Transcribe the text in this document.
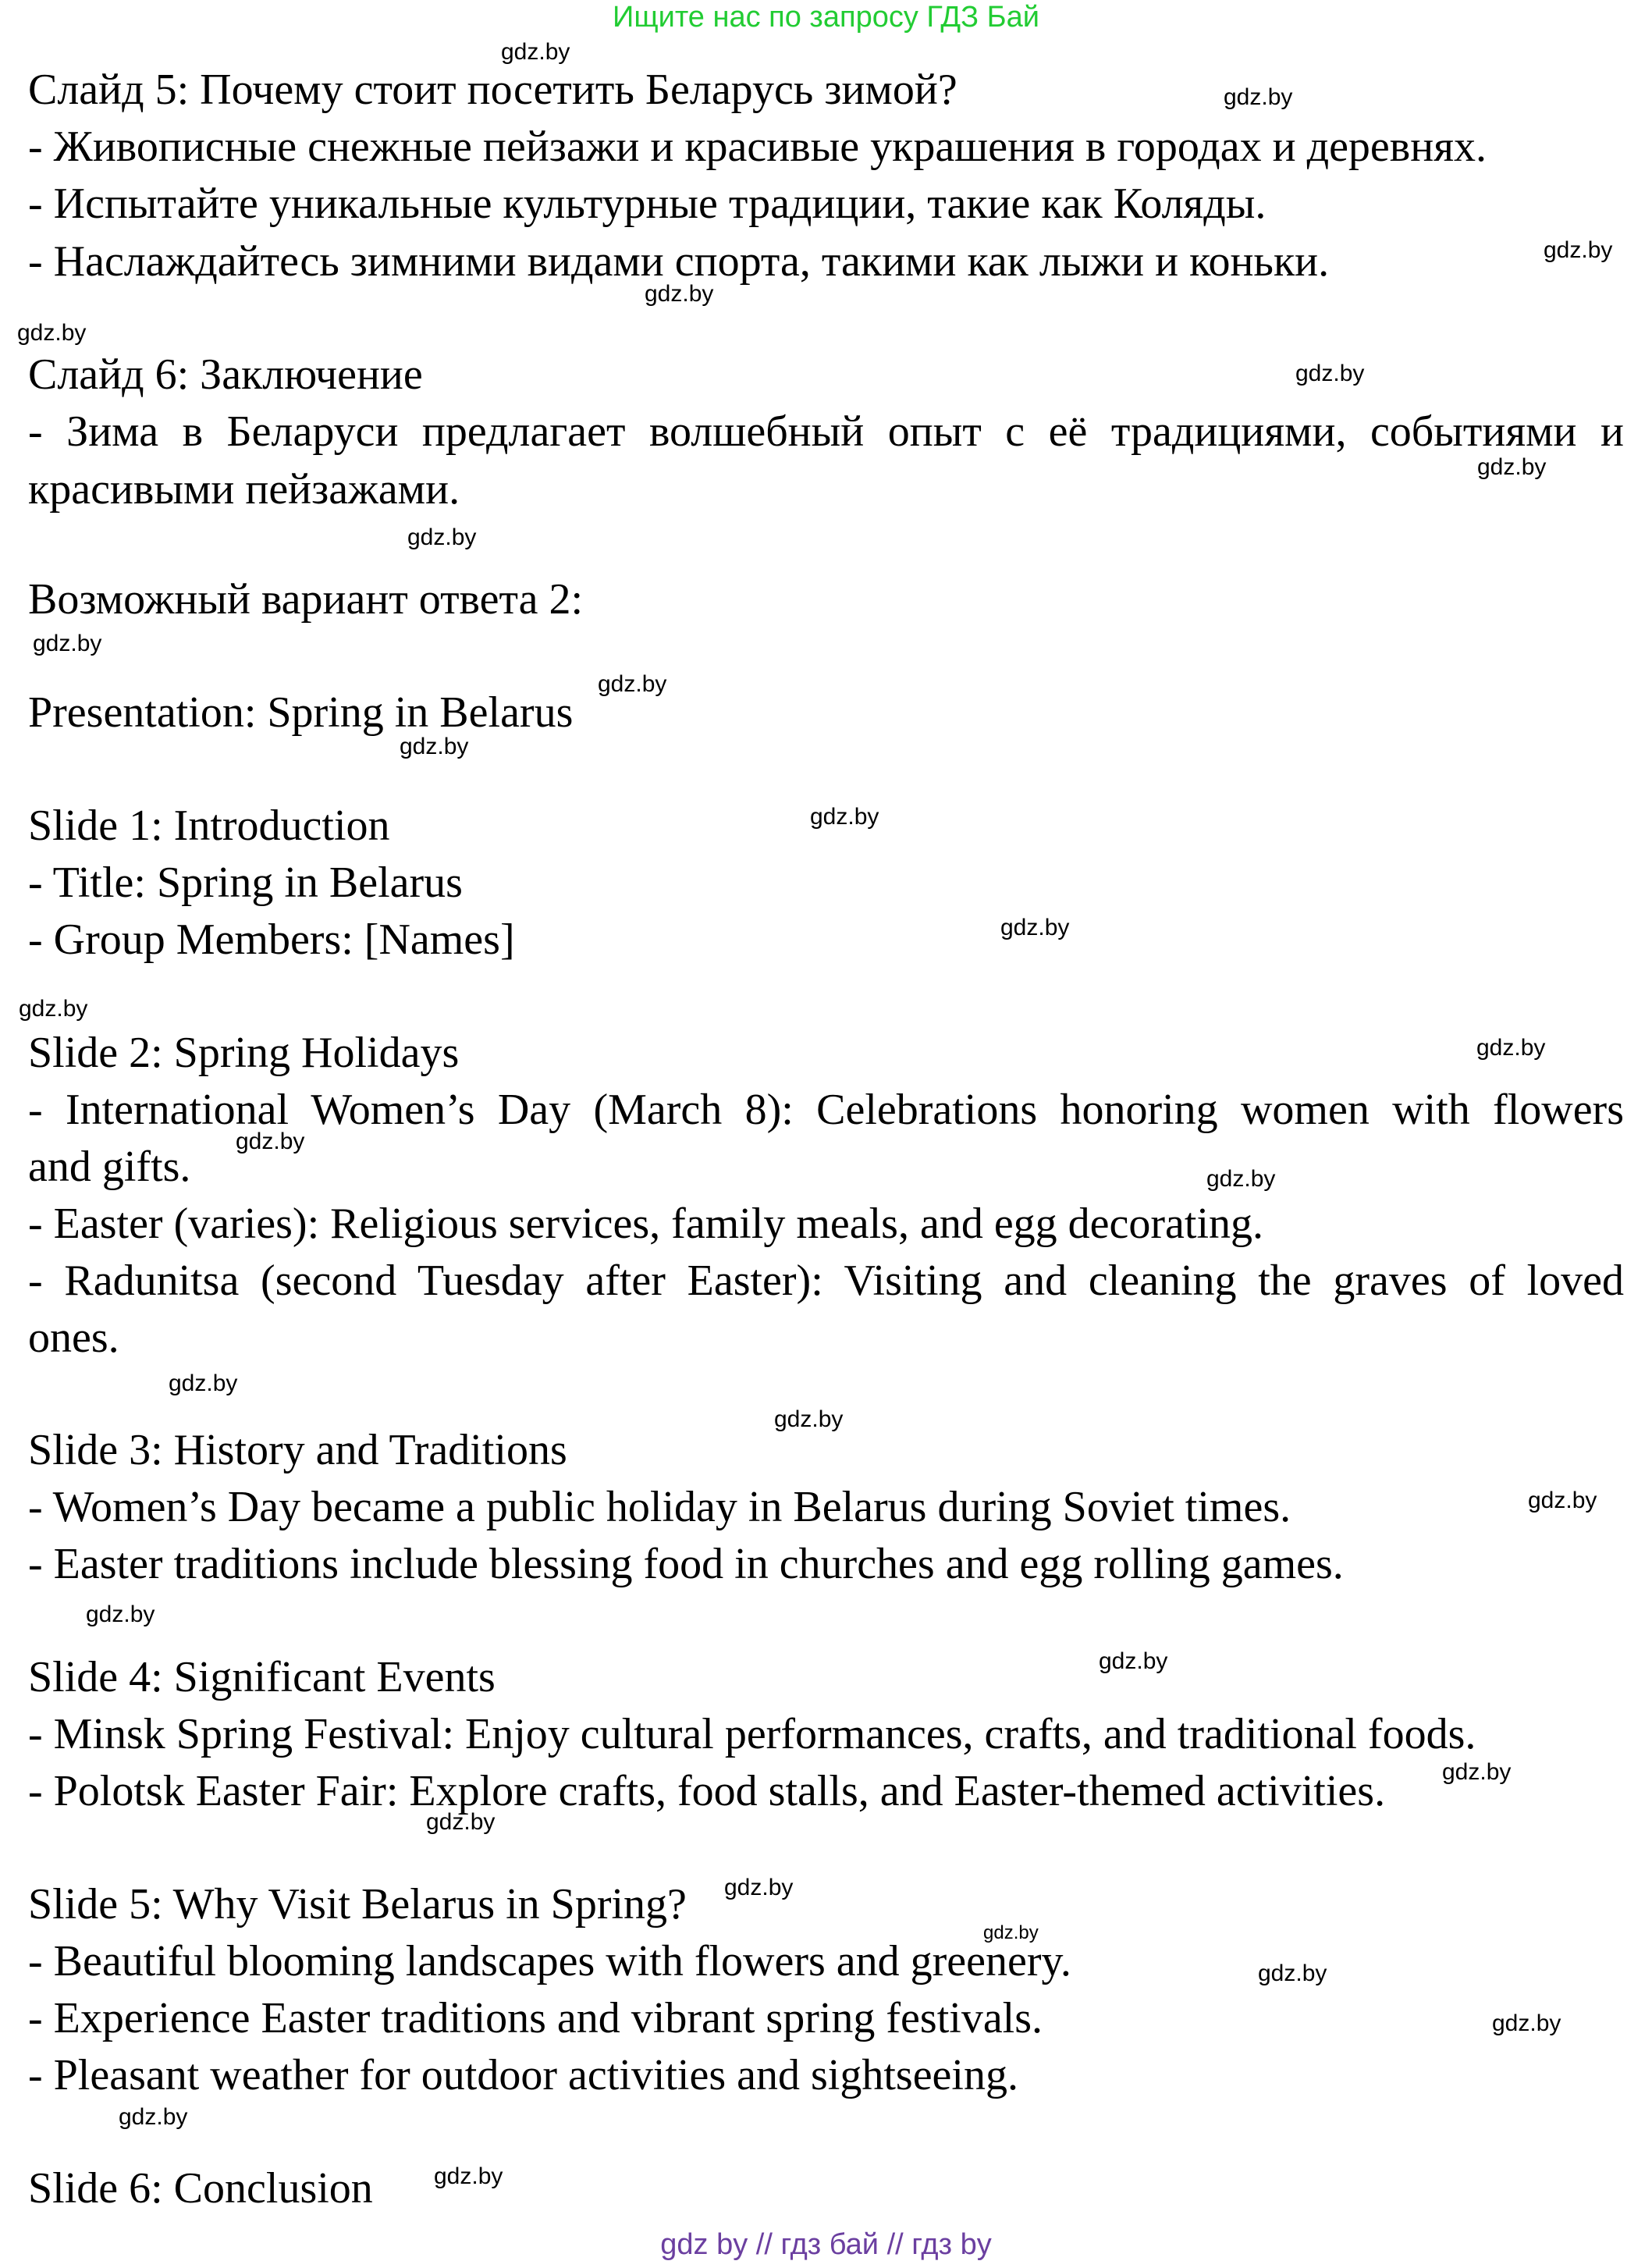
Ищите нас по запросу ГДЗ Бай
Слайд 5: Почему стоит посетить Беларусь зимой?
- Живописные снежные пейзажи и красивые украшения в городах и деревнях.
- Испытайте уникальные культурные традиции, такие как Коляды.
- Наслаждайтесь зимними видами спорта, такими как лыжи и коньки.
Слайд 6: Заключение
- Зима в Беларуси предлагает волшебный опыт с её традициями, событиями и
красивыми пейзажами.
Возможный вариант ответа 2:
Presentation: Spring in Belarus
Slide 1: Introduction
- Title: Spring in Belarus
- Group Members: [Names]
Slide 2: Spring Holidays
- International Women’s Day (March 8): Celebrations honoring women with flowers
and gifts.
- Easter (varies): Religious services, family meals, and egg decorating.
- Radunitsa (second Tuesday after Easter): Visiting and cleaning the graves of loved
ones.
Slide 3: History and Traditions
- Women’s Day became a public holiday in Belarus during Soviet times.
- Easter traditions include blessing food in churches and egg rolling games.
Slide 4: Significant Events
- Minsk Spring Festival: Enjoy cultural performances, crafts, and traditional foods.
- Polotsk Easter Fair: Explore crafts, food stalls, and Easter-themed activities.
Slide 5: Why Visit Belarus in Spring?
- Beautiful blooming landscapes with flowers and greenery.
- Experience Easter traditions and vibrant spring festivals.
- Pleasant weather for outdoor activities and sightseeing.
Slide 6: Conclusion
gdz.by
gdz.by
gdz.by
gdz.by
gdz.by
gdz.by
gdz.by
gdz.by
gdz.by
gdz.by
gdz.by
gdz.by
gdz.by
gdz.by
gdz.by
gdz.by
gdz.by
gdz.by
gdz.by
gdz.by
gdz.by
gdz.by
gdz.by
gdz.by
gdz.by
gdz.by
gdz.by
gdz.by
gdz.by
gdz.by
gdz by // гдз бай // гдз by
